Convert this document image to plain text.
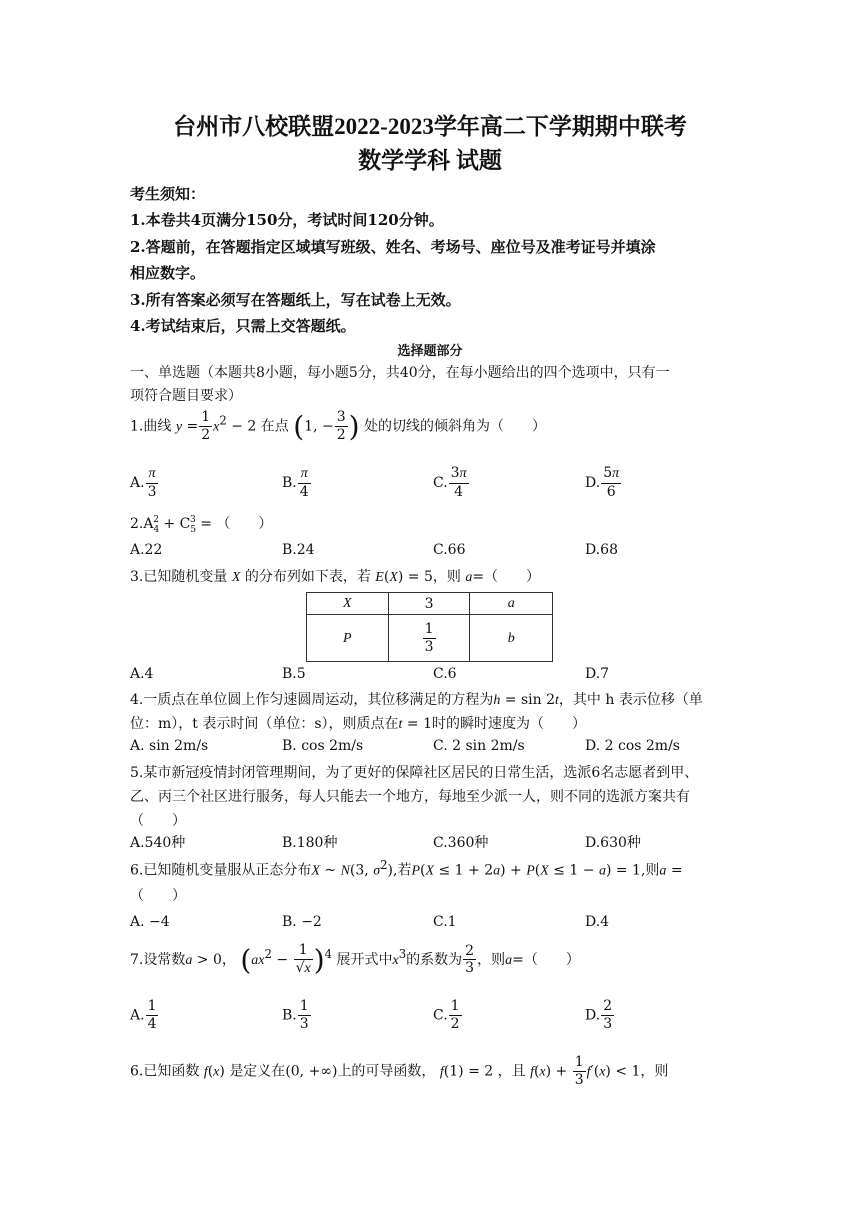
台州市八校联盟2022-2023学年高二下学期期中联考
数学学科 试题
考生须知：
1.本卷共4页满分150分，考试时间120分钟。
2.答题前，在答题指定区域填写班级、姓名、考场号、座位号及准考证号并填涂
相应数字。
3.所有答案必须写在答题纸上，写在试卷上无效。
4.考试结束后，只需上交答题纸。
选择题部分
一、单选题（本题共8小题，每小题5分，共40分，在每小题给出的四个选项中，只有一
项符合题目要求）
1.曲线 $y = \frac{1}{2} x^2 - 2$ 在点 (1, − $\frac{3}{2}$ ) 处的切线的倾斜角为（　　）
A. $\frac{\pi}{3}$	B. $\frac{\pi}{4}$	C. $\frac{3\pi}{4}$	D. $\frac{5\pi}{6}$
$2.A_4^2 + C_5^3$ = （　　）
A.22	B.24	C.66	D.68
3.已知随机变量 X 的分布列如下表，若 E(X) = 5，则 a=（　　）
X	3	a
P	$\frac{1}{3}$	b
A.4	B.5	C.6	D.7
4.一质点在单位圆上作匀速圆周运动，其位移满足的方程为h = sin 2t，其中 h 表示位移（单
位：m），t 表示时间（单位：s），则质点在t = 1时的瞬时速度为（　　）
A. sin 2m/s	B. cos 2m/s	C. 2 sin 2m/s	D. 2 cos 2m/s
5.某市新冠疫情封闭管理期间，为了更好的保障社区居民的日常生活，选派6名志愿者到甲、
乙、丙三个社区进行服务，每人只能去一个地方，每地至少派一人，则不同的选派方案共有
（　　）
A.540种	B.180种	C.360种	D.630种
6.已知随机变量服从正态分布X ~ N(3, $\sigma^2$),若P(X ≤ 1 + 2a) + P(X ≤ 1 − a) = 1,则a =
（　　）
A. −4	B. −2	C.1	D.4
7.设常数a > 0， $(ax^2 - \frac{1}{√x} )^4$ 展开式中$x^3$的系数为 $\frac{2}{3}$ ，则a=（　　）
A. $\frac{1}{4}$	B. $\frac{1}{3}$	C. $\frac{1}{2}$	D. $\frac{2}{3}$
6.已知函数 f(x) 是定义在(0, +∞)上的可导函数， f(1) = 2 ，且 $f(x) + \frac{1}{3} f'(x) < 1$，则
